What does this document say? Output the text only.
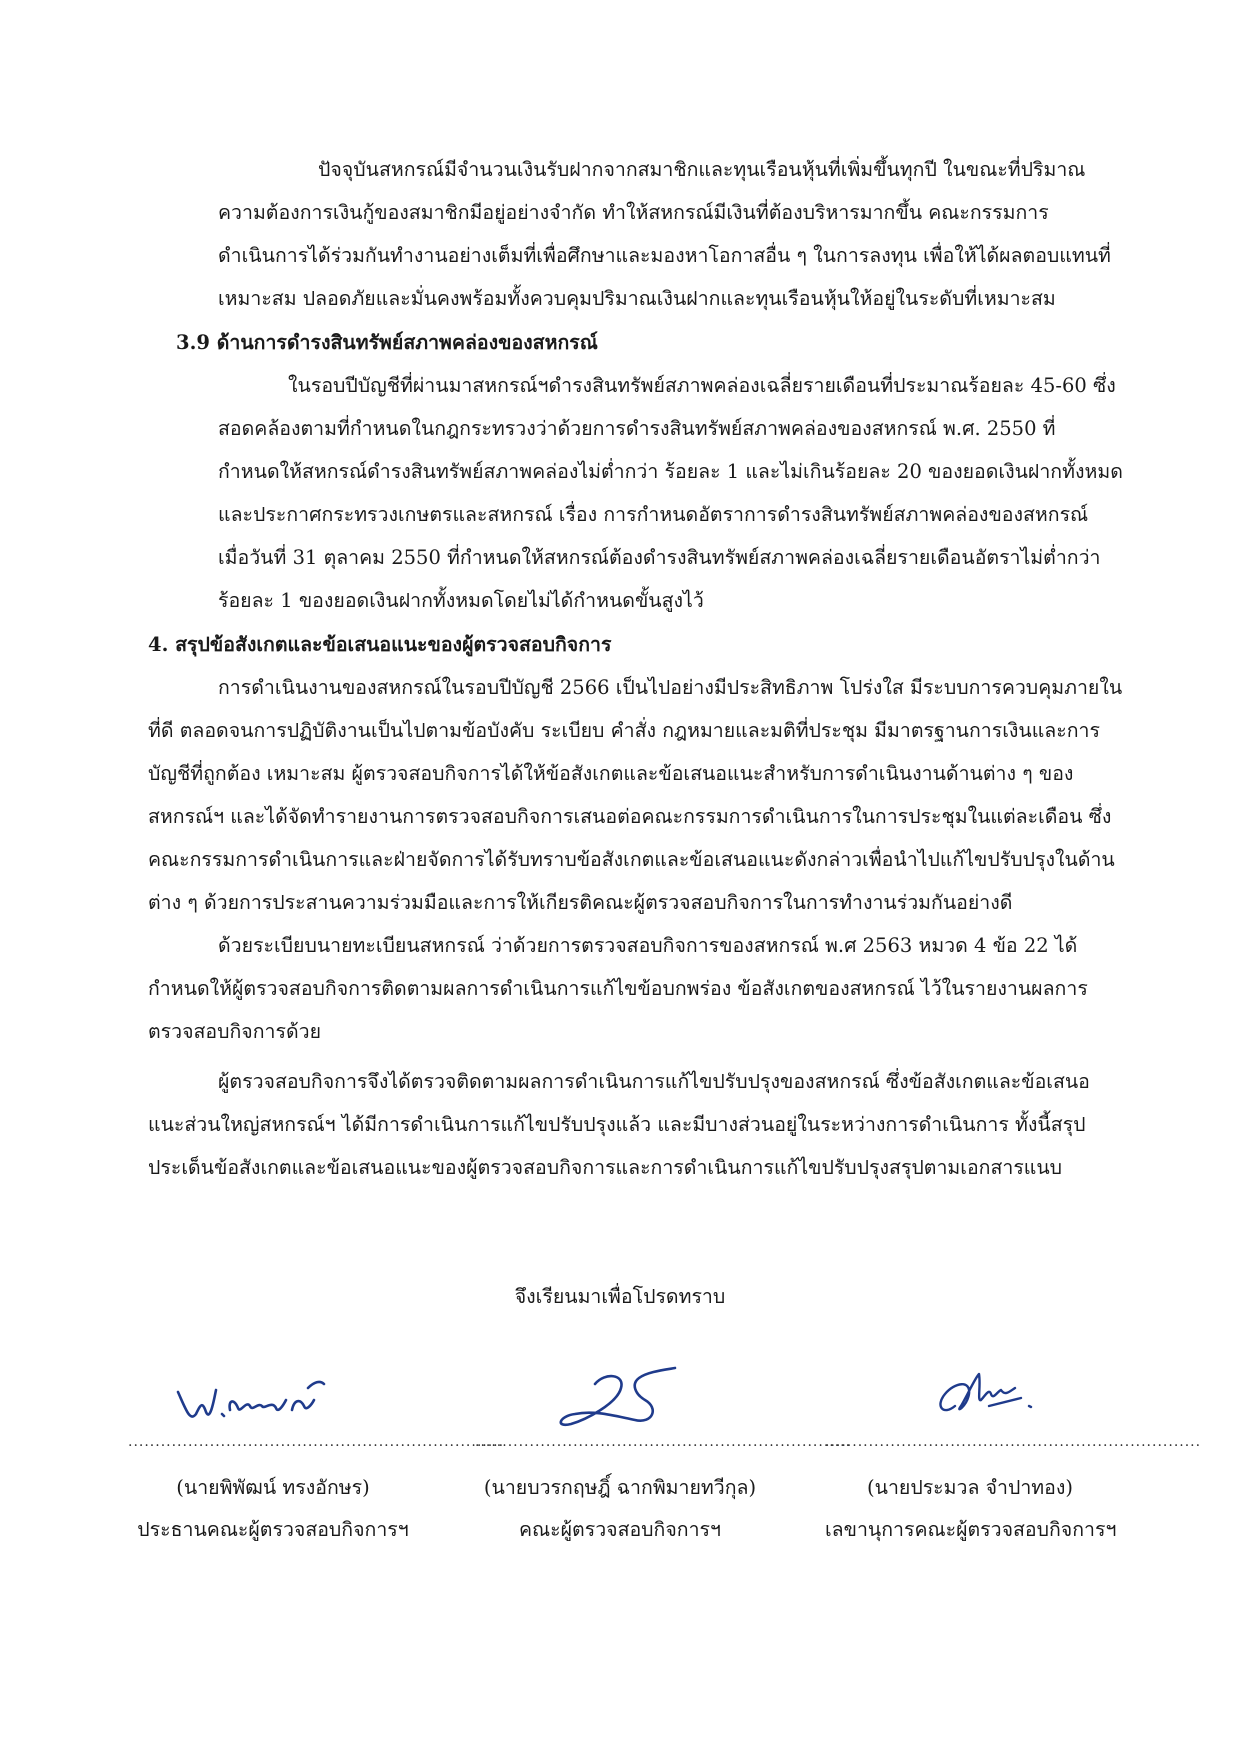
ปัจจุบันสหกรณ์มีจำนวนเงินรับฝากจากสมาชิกและทุนเรือนหุ้นที่เพิ่มขึ้นทุกปี ในขณะที่ปริมาณ
ความต้องการเงินกู้ของสมาชิกมีอยู่อย่างจำกัด ทำให้สหกรณ์มีเงินที่ต้องบริหารมากขึ้น คณะกรรมการ
ดำเนินการได้ร่วมกันทำงานอย่างเต็มที่เพื่อศึกษาและมองหาโอกาสอื่น ๆ ในการลงทุน เพื่อให้ได้ผลตอบแทนที่
เหมาะสม ปลอดภัยและมั่นคงพร้อมทั้งควบคุมปริมาณเงินฝากและทุนเรือนหุ้นให้อยู่ในระดับที่เหมาะสม
3.9 ด้านการดำรงสินทรัพย์สภาพคล่องของสหกรณ์
ในรอบปีบัญชีที่ผ่านมาสหกรณ์ฯดำรงสินทรัพย์สภาพคล่องเฉลี่ยรายเดือนที่ประมาณร้อยละ 45-60 ซึ่ง
สอดคล้องตามที่กำหนดในกฎกระทรวงว่าด้วยการดำรงสินทรัพย์สภาพคล่องของสหกรณ์ พ.ศ. 2550 ที่
กำหนดให้สหกรณ์ดำรงสินทรัพย์สภาพคล่องไม่ต่ำกว่า ร้อยละ 1 และไม่เกินร้อยละ 20 ของยอดเงินฝากทั้งหมด
และประกาศกระทรวงเกษตรและสหกรณ์ เรื่อง การกำหนดอัตราการดำรงสินทรัพย์สภาพคล่องของสหกรณ์
เมื่อวันที่ 31 ตุลาคม 2550 ที่กำหนดให้สหกรณ์ต้องดำรงสินทรัพย์สภาพคล่องเฉลี่ยรายเดือนอัตราไม่ต่ำกว่า
ร้อยละ 1 ของยอดเงินฝากทั้งหมดโดยไม่ได้กำหนดขั้นสูงไว้
4. สรุปข้อสังเกตและข้อเสนอแนะของผู้ตรวจสอบกิจการ
การดำเนินงานของสหกรณ์ในรอบปีบัญชี 2566 เป็นไปอย่างมีประสิทธิภาพ โปร่งใส มีระบบการควบคุมภายใน
ที่ดี ตลอดจนการปฏิบัติงานเป็นไปตามข้อบังคับ ระเบียบ คำสั่ง กฎหมายและมติที่ประชุม มีมาตรฐานการเงินและการ
บัญชีที่ถูกต้อง เหมาะสม ผู้ตรวจสอบกิจการได้ให้ข้อสังเกตและข้อเสนอแนะสำหรับการดำเนินงานด้านต่าง ๆ ของ
สหกรณ์ฯ และได้จัดทำรายงานการตรวจสอบกิจการเสนอต่อคณะกรรมการดำเนินการในการประชุมในแต่ละเดือน ซึ่ง
คณะกรรมการดำเนินการและฝ่ายจัดการได้รับทราบข้อสังเกตและข้อเสนอแนะดังกล่าวเพื่อนำไปแก้ไขปรับปรุงในด้าน
ต่าง ๆ ด้วยการประสานความร่วมมือและการให้เกียรติคณะผู้ตรวจสอบกิจการในการทำงานร่วมกันอย่างดี
ด้วยระเบียบนายทะเบียนสหกรณ์ ว่าด้วยการตรวจสอบกิจการของสหกรณ์ พ.ศ 2563 หมวด 4 ข้อ 22 ได้
กำหนดให้ผู้ตรวจสอบกิจการติดตามผลการดำเนินการแก้ไขข้อบกพร่อง ข้อสังเกตของสหกรณ์ ไว้ในรายงานผลการ
ตรวจสอบกิจการด้วย
ผู้ตรวจสอบกิจการจึงได้ตรวจติดตามผลการดำเนินการแก้ไขปรับปรุงของสหกรณ์ ซึ่งข้อสังเกตและข้อเสนอ
แนะส่วนใหญ่สหกรณ์ฯ ได้มีการดำเนินการแก้ไขปรับปรุงแล้ว และมีบางส่วนอยู่ในระหว่างการดำเนินการ ทั้งนี้สรุป
ประเด็นข้อสังเกตและข้อเสนอแนะของผู้ตรวจสอบกิจการและการดำเนินการแก้ไขปรับปรุงสรุปตามเอกสารแนบ
จึงเรียนมาเพื่อโปรดทราบ
.....................................................................
(นายพิพัฒน์ ทรงอักษร)
ประธานคณะผู้ตรวจสอบกิจการฯ
.....................................................................
(นายบวรกฤษฎิ์ ฉากพิมายทวีกุล)
คณะผู้ตรวจสอบกิจการฯ
.....................................................................
(นายประมวล จำปาทอง)
เลขานุการคณะผู้ตรวจสอบกิจการฯ
